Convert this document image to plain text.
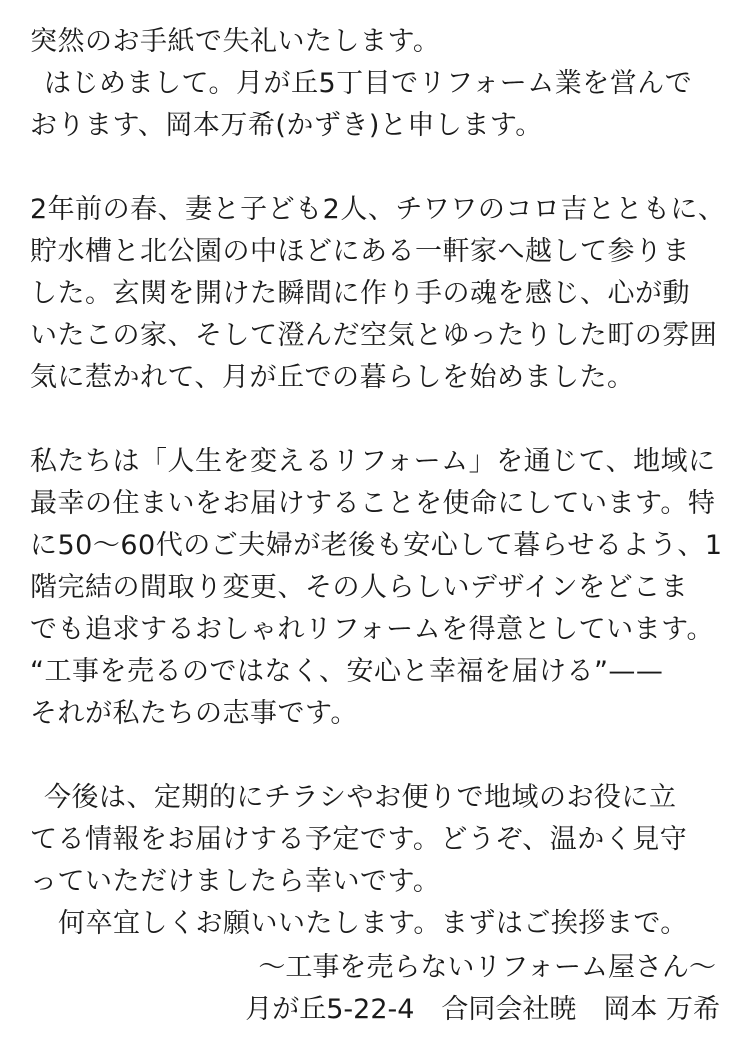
突然のお手紙で失礼いたします。
はじめまして。月が丘5丁目でリフォーム業を営んで
おります、岡本万希(かずき)と申します。
2年前の春、妻と子ども2人、チワワのコロ吉とともに、
貯水槽と北公園の中ほどにある一軒家へ越して参りま
した。玄関を開けた瞬間に作り手の魂を感じ、心が動
いたこの家、そして澄んだ空気とゆったりした町の雰囲
気に惹かれて、月が丘での暮らしを始めました。
私たちは「人生を変えるリフォーム」を通じて、地域に
最幸の住まいをお届けすることを使命にしています。特
に50〜60代のご夫婦が老後も安心して暮らせるよう、1
階完結の間取り変更、その人らしいデザインをどこま
でも追求するおしゃれリフォームを得意としています。
“工事を売るのではなく、安心と幸福を届ける”——
それが私たちの志事です。
今後は、定期的にチラシやお便りで地域のお役に立
てる情報をお届けする予定です。どうぞ、温かく見守
っていただけましたら幸いです。
何卒宜しくお願いいたします。まずはご挨拶まで。
〜工事を売らないリフォーム屋さん〜
月が丘5-22-4　合同会社暁　岡本 万希
